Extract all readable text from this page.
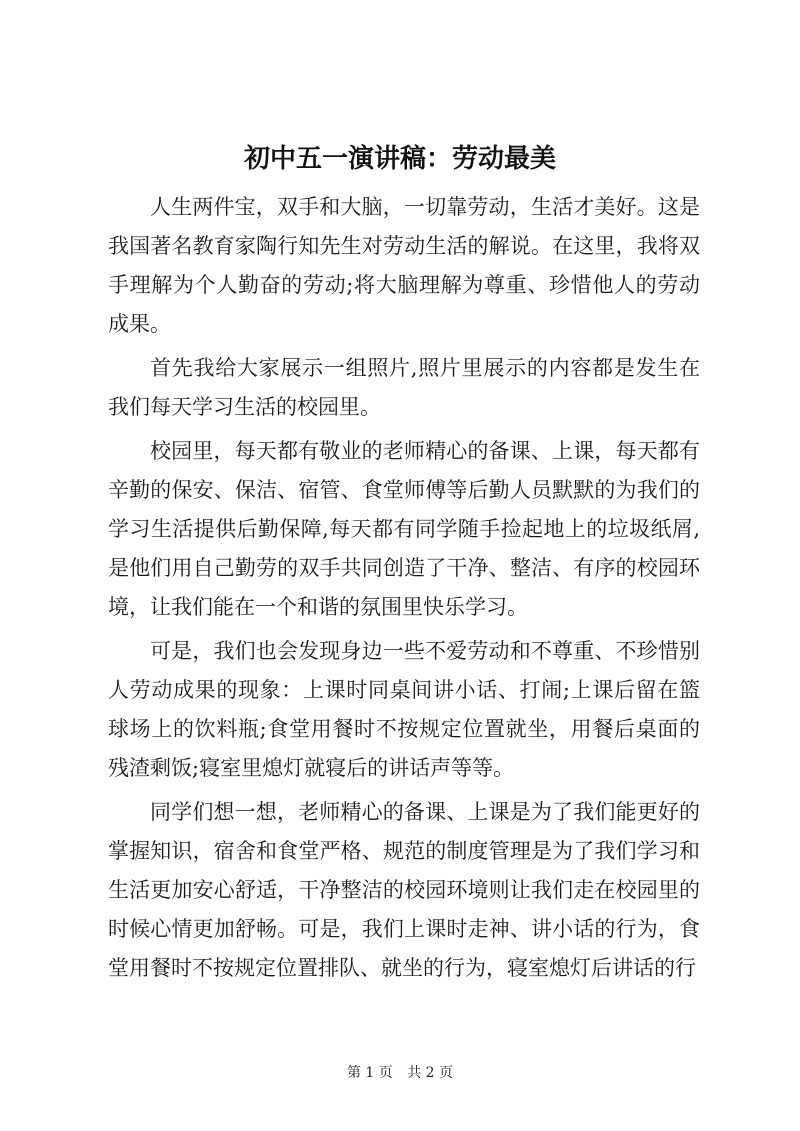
初中五一演讲稿：劳动最美

人生两件宝，双手和大脑，一切靠劳动，生活才美好。这是我国著名教育家陶行知先生对劳动生活的解说。在这里，我将双手理解为个人勤奋的劳动;将大脑理解为尊重、珍惜他人的劳动成果。

首先我给大家展示一组照片,照片里展示的内容都是发生在我们每天学习生活的校园里。

校园里，每天都有敬业的老师精心的备课、上课，每天都有辛勤的保安、保洁、宿管、食堂师傅等后勤人员默默的为我们的学习生活提供后勤保障,每天都有同学随手捡起地上的垃圾纸屑,是他们用自己勤劳的双手共同创造了干净、整洁、有序的校园环境，让我们能在一个和谐的氛围里快乐学习。

可是，我们也会发现身边一些不爱劳动和不尊重、不珍惜别人劳动成果的现象：上课时同桌间讲小话、打闹;上课后留在篮球场上的饮料瓶;食堂用餐时不按规定位置就坐，用餐后桌面的残渣剩饭;寝室里熄灯就寝后的讲话声等等。

同学们想一想，老师精心的备课、上课是为了我们能更好的掌握知识，宿舍和食堂严格、规范的制度管理是为了我们学习和生活更加安心舒适，干净整洁的校园环境则让我们走在校园里的时候心情更加舒畅。可是，我们上课时走神、讲小话的行为，食堂用餐时不按规定位置排队、就坐的行为，寝室熄灯后讲话的行

第 1 页 共 2 页
